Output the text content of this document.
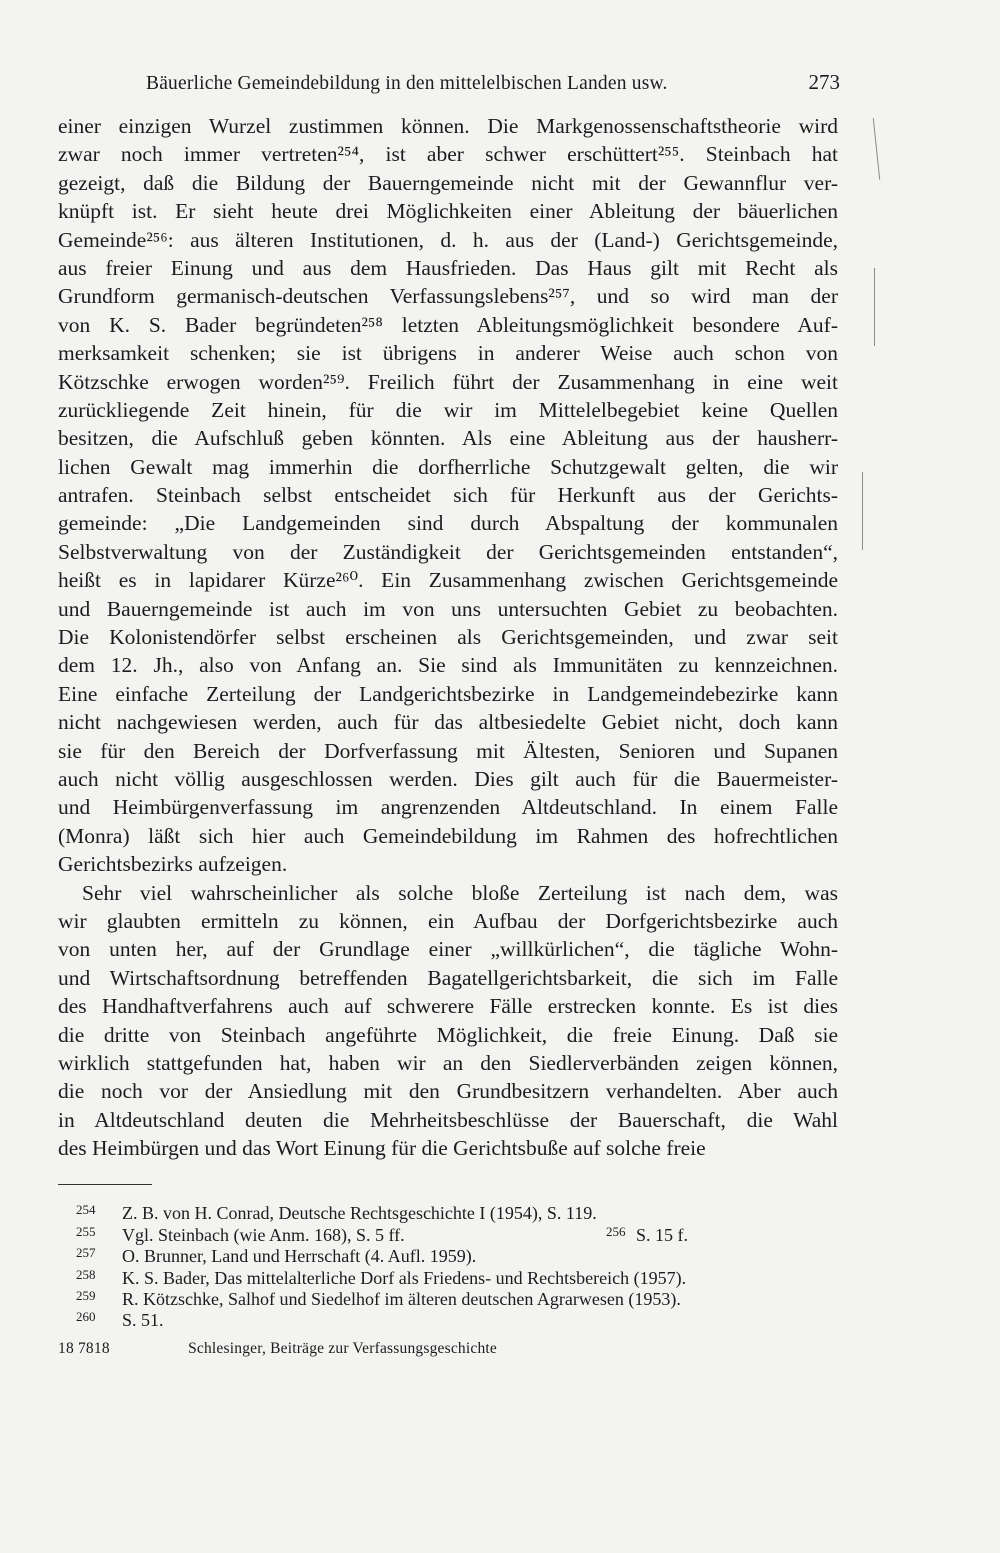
Bäuerliche Gemeindebildung in den mittelelbischen Landen usw.	273
einer einzigen Wurzel zustimmen können. Die Markgenossenschaftstheorie wird
zwar noch immer vertreten²⁵⁴, ist aber schwer erschüttert²⁵⁵. Steinbach hat
gezeigt, daß die Bildung der Bauerngemeinde nicht mit der Gewannflur ver-
knüpft ist. Er sieht heute drei Möglichkeiten einer Ableitung der bäuerlichen
Gemeinde²⁵⁶: aus älteren Institutionen, d. h. aus der (Land-) Gerichtsgemeinde,
aus freier Einung und aus dem Hausfrieden. Das Haus gilt mit Recht als
Grundform germanisch-deutschen Verfassungslebens²⁵⁷, und so wird man der
von K. S. Bader begründeten²⁵⁸ letzten Ableitungsmöglichkeit besondere Auf-
merksamkeit schenken; sie ist übrigens in anderer Weise auch schon von
Kötzschke erwogen worden²⁵⁹. Freilich führt der Zusammenhang in eine weit
zurückliegende Zeit hinein, für die wir im Mittelelbegebiet keine Quellen
besitzen, die Aufschluß geben könnten. Als eine Ableitung aus der hausherr-
lichen Gewalt mag immerhin die dorfherrliche Schutzgewalt gelten, die wir
antrafen. Steinbach selbst entscheidet sich für Herkunft aus der Gerichts-
gemeinde: „Die Landgemeinden sind durch Abspaltung der kommunalen
Selbstverwaltung von der Zuständigkeit der Gerichtsgemeinden entstanden“,
heißt es in lapidarer Kürze²⁶⁰. Ein Zusammenhang zwischen Gerichtsgemeinde
und Bauerngemeinde ist auch im von uns untersuchten Gebiet zu beobachten.
Die Kolonistendörfer selbst erscheinen als Gerichtsgemeinden, und zwar seit
dem 12. Jh., also von Anfang an. Sie sind als Immunitäten zu kennzeichnen.
Eine einfache Zerteilung der Landgerichtsbezirke in Landgemeindebezirke kann
nicht nachgewiesen werden, auch für das altbesiedelte Gebiet nicht, doch kann
sie für den Bereich der Dorfverfassung mit Ältesten, Senioren und Supanen
auch nicht völlig ausgeschlossen werden. Dies gilt auch für die Bauermeister-
und Heimbürgenverfassung im angrenzenden Altdeutschland. In einem Falle
(Monra) läßt sich hier auch Gemeindebildung im Rahmen des hofrechtlichen
Gerichtsbezirks aufzeigen.
Sehr viel wahrscheinlicher als solche bloße Zerteilung ist nach dem, was
wir glaubten ermitteln zu können, ein Aufbau der Dorfgerichtsbezirke auch
von unten her, auf der Grundlage einer „willkürlichen“, die tägliche Wohn-
und Wirtschaftsordnung betreffenden Bagatellgerichtsbarkeit, die sich im Falle
des Handhaftverfahrens auch auf schwerere Fälle erstrecken konnte. Es ist dies
die dritte von Steinbach angeführte Möglichkeit, die freie Einung. Daß sie
wirklich stattgefunden hat, haben wir an den Siedlerverbänden zeigen können,
die noch vor der Ansiedlung mit den Grundbesitzern verhandelten. Aber auch
in Altdeutschland deuten die Mehrheitsbeschlüsse der Bauerschaft, die Wahl
des Heimbürgen und das Wort Einung für die Gerichtsbuße auf solche freie
254 Z. B. von H. Conrad, Deutsche Rechtsgeschichte I (1954), S. 119.
255 Vgl. Steinbach (wie Anm. 168), S. 5 ff.	256 S. 15 f.
257 O. Brunner, Land und Herrschaft (4. Aufl. 1959).
258 K. S. Bader, Das mittelalterliche Dorf als Friedens- und Rechtsbereich (1957).
259 R. Kötzschke, Salhof und Siedelhof im älteren deutschen Agrarwesen (1953).
260 S. 51.
18 7818	Schlesinger, Beiträge zur Verfassungsgeschichte
